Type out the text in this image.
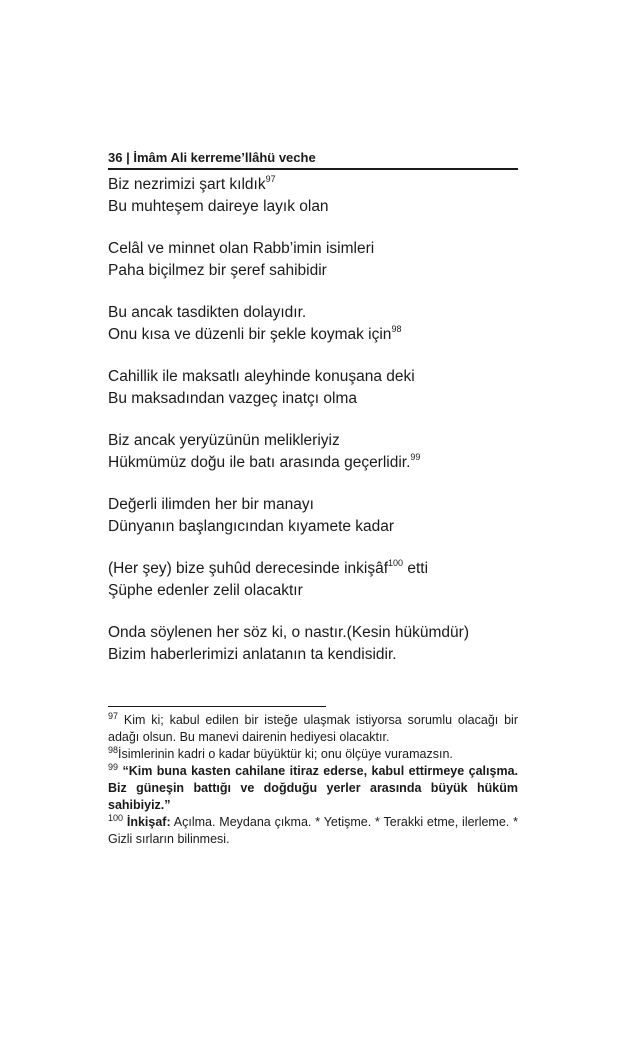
36 | İmâm Ali kerreme’llâhü veche
Biz nezrimizi şart kıldık$^{97}$
Bu muhteşem daireye layık olan
Celâl ve minnet olan Rabb’imin isimleri
Paha biçilmez bir şeref sahibidir
Bu ancak tasdikten dolayıdır.
Onu kısa ve düzenli bir şekle koymak için$^{98}$
Cahillik ile maksatlı aleyhinde konuşana deki
Bu maksadından vazgeç inatçı olma
Biz ancak yeryüzünün melikleriyiz
Hükmümüz doğu ile batı arasında geçerlidir.$^{99}$
Değerli ilimden her bir manayı
Dünyanın başlangıcından kıyamete kadar
(Her şey) bize şuhûd derecesinde inkişâf$^{100}$ etti
Şüphe edenler zelil olacaktır
Onda söylenen her söz ki, o nastır.(Kesin hükümdür)
Bizim haberlerimizi anlatanın ta kendisidir.

$^{97}$ Kim ki; kabul edilen bir isteğe ulaşmak istiyorsa sorumlu olacağı bir adağı olsun. Bu manevi dairenin hediyesi olacaktır.

$^{98}$İsimlerinin kadri o kadar büyüktür ki; onu ölçüye vuramazsın.

$^{99}$ “Kim buna kasten cahilane itiraz ederse, kabul ettirmeye çalışma. Biz güneşin battığı ve doğduğu yerler arasında büyük hüküm sahibiyiz.”

$^{100}$ İnkişaf: Açılma. Meydana çıkma. * Yetişme. * Terakki etme, ilerleme. * Gizli sırların bilinmesi.
